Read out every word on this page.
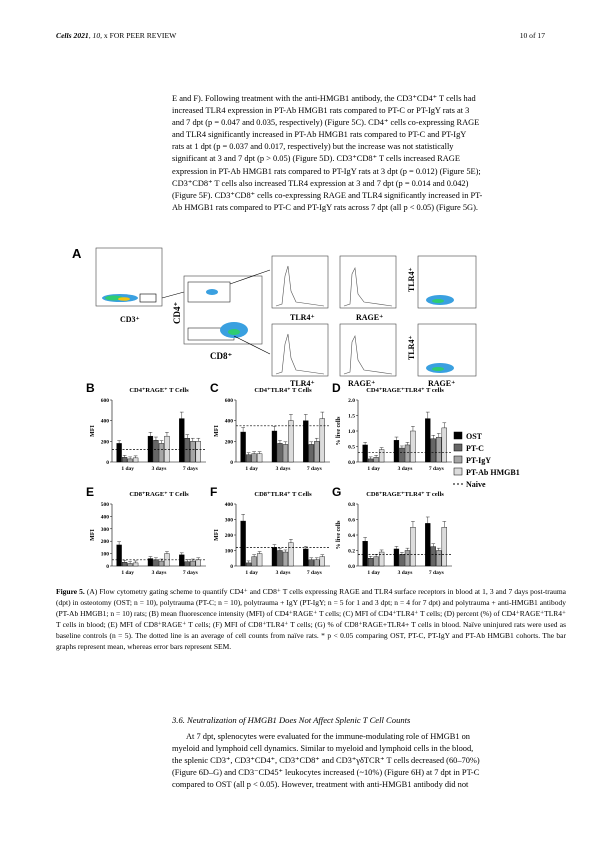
Cells 2021, 10, x FOR PEER REVIEW	10 of 17

E and F). Following treatment with the anti-HMGB1 antibody, the CD3⁺CD4⁺ T cells had

increased TLR4 expression in PT-Ab HMGB1 rats compared to PT-C or PT-IgY rats at 3

and 7 dpt (p = 0.047 and 0.035, respectively) (Figure 5C). CD4⁺ cells co-expressing RAGE

and TLR4 significantly increased in PT-Ab HMGB1 rats compared to PT-C and PT-IgY

rats at 1 dpt (p = 0.037 and 0.017, respectively) but the increase was not statistically

significant at 3 and 7 dpt (p > 0.05) (Figure 5D). CD3⁺CD8⁺ T cells increased RAGE

expression in PT-Ab HMGB1 rats compared to PT-IgY rats at 3 dpt (p = 0.012) (Figure 5E);

CD3⁺CD8⁺ T cells also increased TLR4 expression at 3 and 7 dpt (p = 0.014 and 0.042)

(Figure 5F). CD3⁺CD8⁺ cells co-expressing RAGE and TLR4 significantly increased in PT-

Ab HMGB1 rats compared to PT-C and PT-IgY rats across 7 dpt (all p < 0.05) (Figure 5G).

A
CD3⁺	CD4⁺
CD8⁺
TLR4⁺	RAGE⁺
TLR4⁺
TLR4⁺	RAGE⁺
TLR4⁺
RAGE⁺
B	CD4⁺RAGE⁺ T Cells
0
200
400
600
MFI
1 day	3 days	7 days
C	CD4⁺TLR4⁺ T Cells
0
200
400
600
MFI
1 day	3 days	7 days
D	CD4⁺RAGE⁺TLR4⁺ T cells
0.0
0.5
1.0
1.5
2.0
% live cells
1 day	3 days	7 days
E	CD8⁺RAGE⁺ T Cells
0
100
200
300
400
500
MFI
1 day	3 days	7 days
F	CD8⁺TLR4⁺ T Cells
0
100
200
300
400
MFI
1 day	3 days	7 days
G	CD8⁺RAGE⁺TLR4⁺ T cells
0.0
0.2
0.4
0.6
0.8
% live cells
1 day	3 days	7 days
OST
PT-C
PT-IgY
PT-Ab HMGB1
Naive
Figure 5. (A) Flow cytometry gating scheme to quantify CD4⁺ and CD8⁺ T cells expressing RAGE and TLR4 surface receptors in blood at 1, 3 and 7 days post-trauma (dpt) in osteotomy (OST; n = 10), polytrauma (PT-C; n = 10), polytrauma + IgY (PT-IgY; n = 5 for 1 and 3 dpt; n = 4 for 7 dpt) and polytrauma + anti-HMGB1 antibody (PT-Ab HMGB1; n = 10) rats; (B) mean fluorescence intensity (MFI) of CD4⁺RAGE⁺ T cells; (C) MFI of CD4⁺TLR4⁺ T cells; (D) percent (%) of CD4⁺RAGE⁺TLR4⁺ T cells in blood; (E) MFI of CD8⁺RAGE⁺ T cells; (F) MFI of CD8⁺TLR4⁺ T cells; (G) % of CD8⁺RAGE+TLR4+ T cells in blood. Naïve uninjured rats were used as baseline controls (n = 5). The dotted line is an average of cell counts from naïve rats. * p < 0.05 comparing OST, PT-C, PT-IgY and PT-Ab HMGB1 cohorts. The bar graphs represent mean, whereas error bars represent SEM.
3.6. Neutralization of HMGB1 Does Not Affect Splenic T Cell Counts

At 7 dpt, splenocytes were evaluated for the immune-modulating role of HMGB1 on

myeloid and lymphoid cell dynamics. Similar to myeloid and lymphoid cells in the blood,

the splenic CD3⁺, CD3⁺CD4⁺, CD3⁺CD8⁺ and CD3⁺γδTCR⁺ T cells decreased (60–70%)

(Figure 6D–G) and CD3⁻CD45⁺ leukocytes increased (~10%) (Figure 6H) at 7 dpt in PT-C

compared to OST (all p < 0.05). However, treatment with anti-HMGB1 antibody did not
